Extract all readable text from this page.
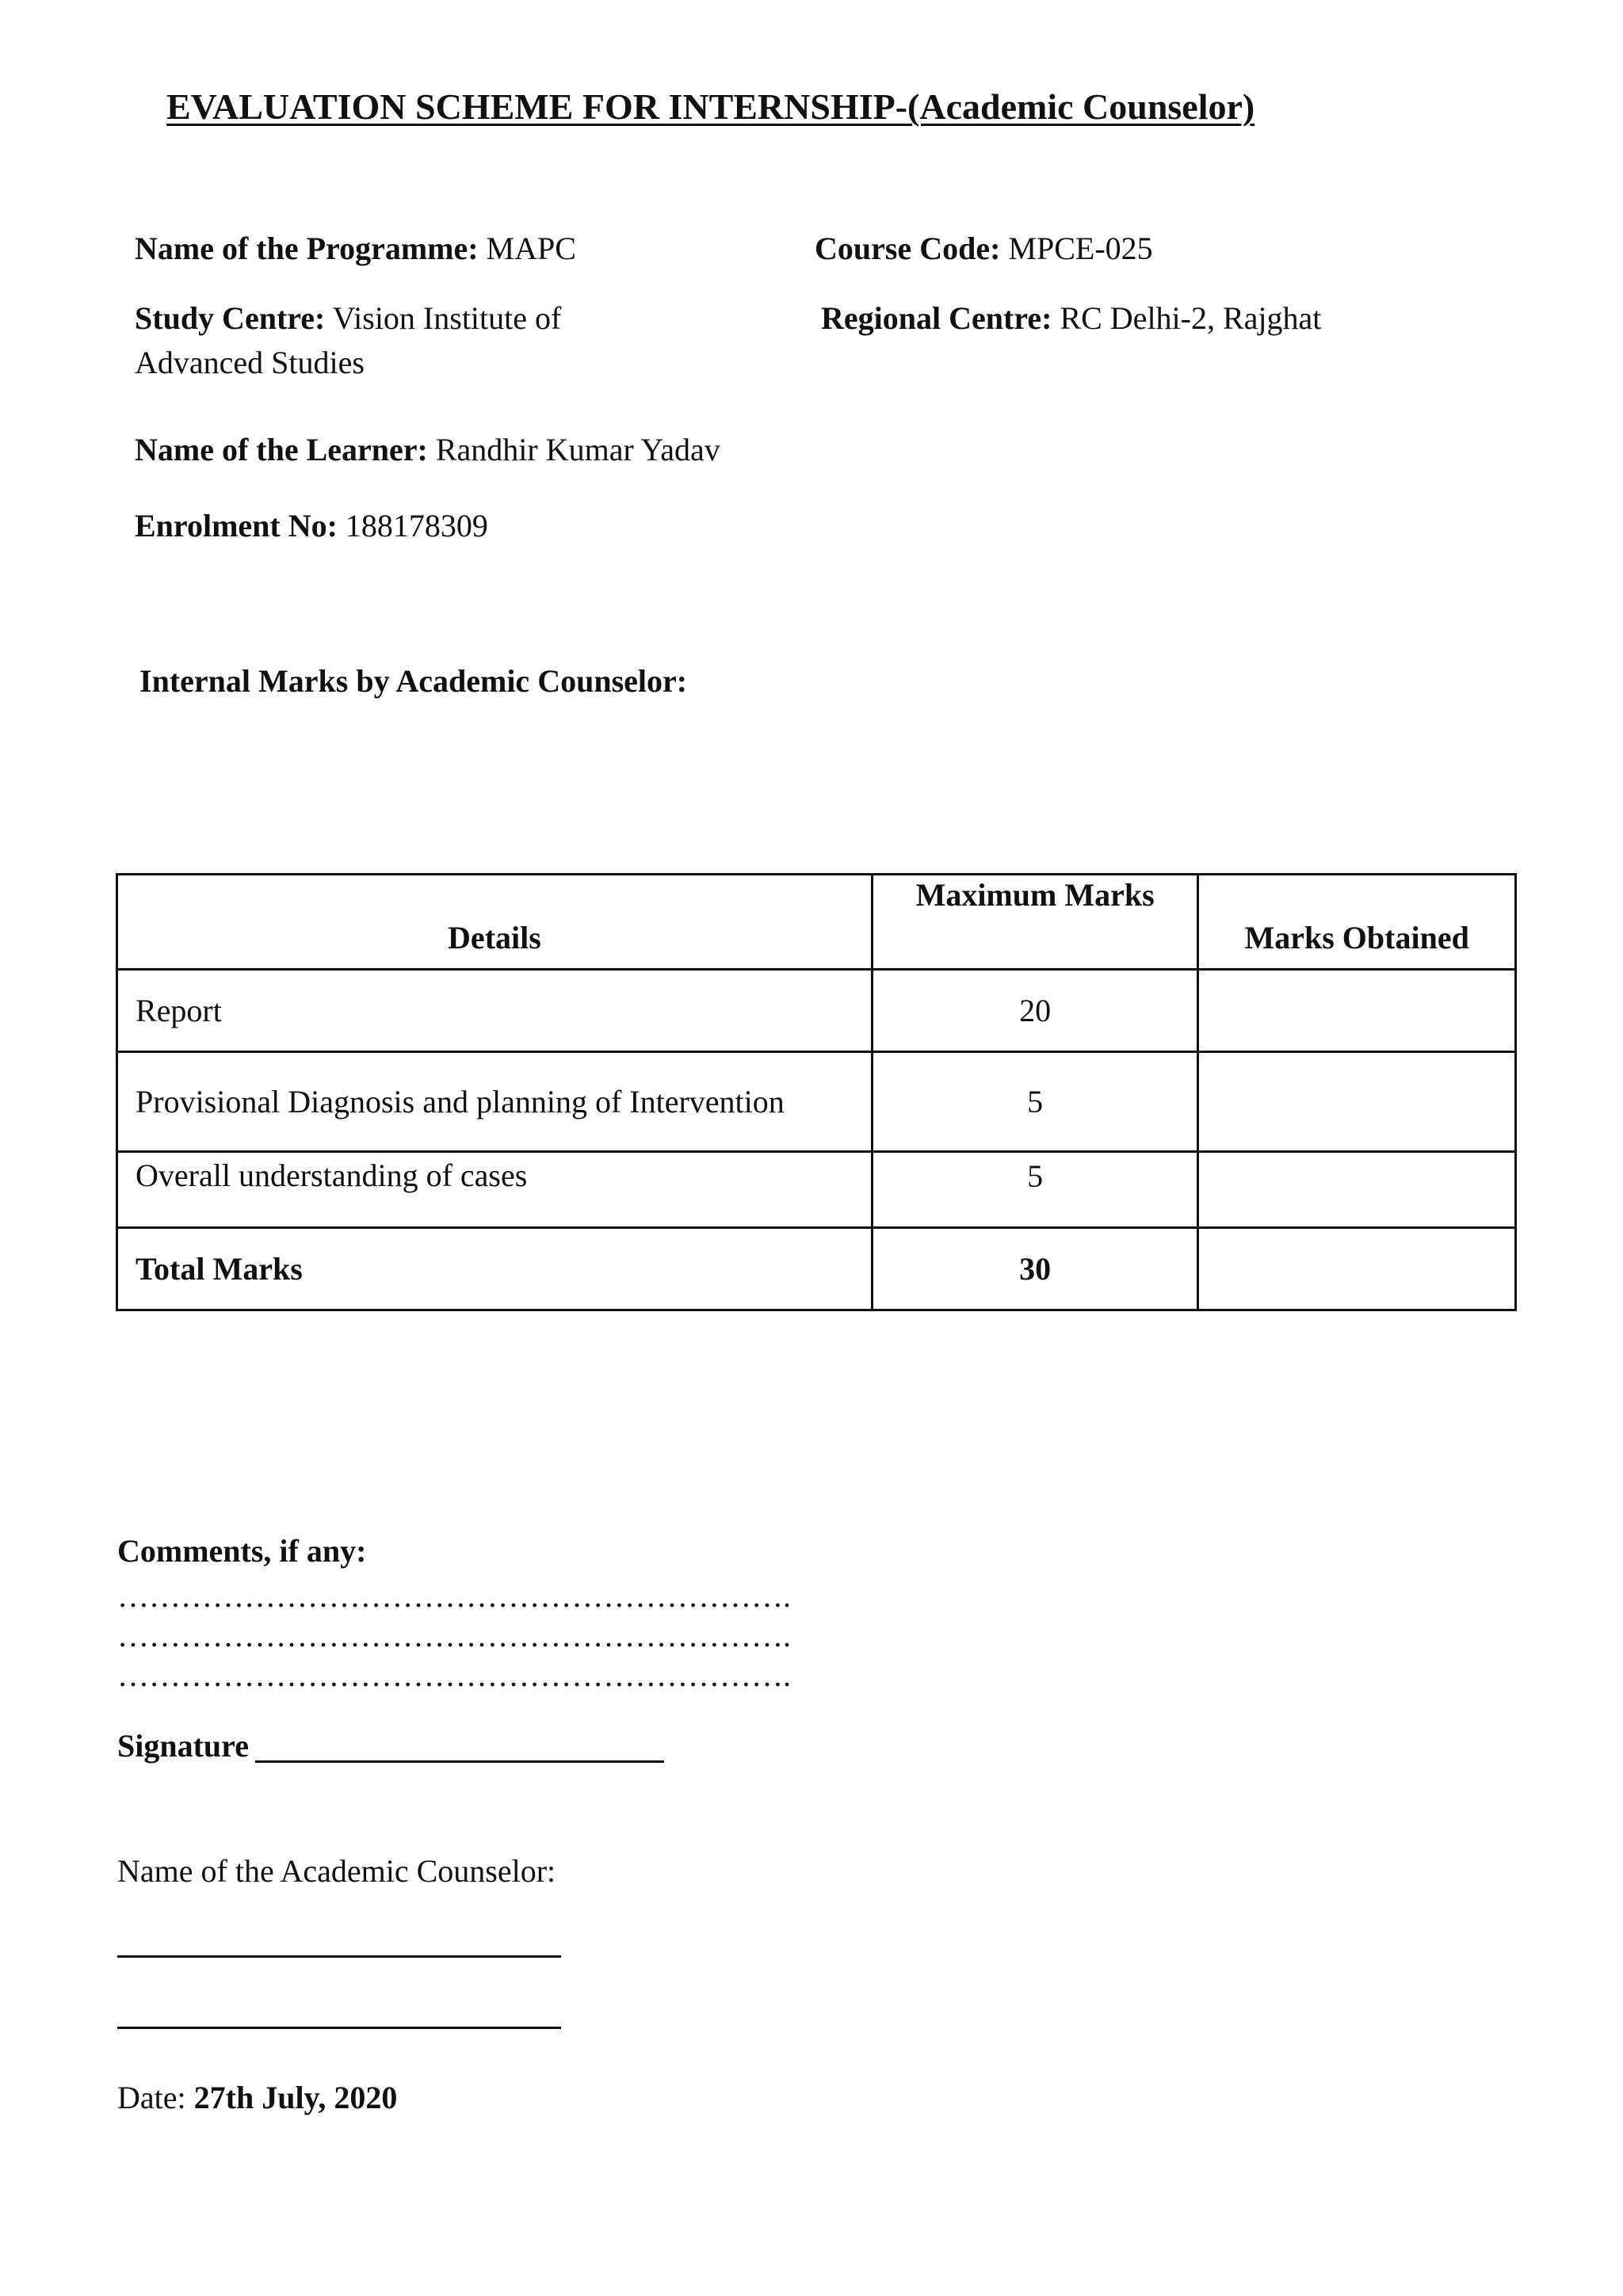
EVALUATION SCHEME FOR INTERNSHIP-(Academic Counselor)
Name of the Programme: MAPC	Course Code: MPCE-025
Study Centre: Vision Institute of Advanced Studies
Regional Centre: RC Delhi-2, Rajghat
Name of the Learner: Randhir Kumar Yadav
Enrolment No: 188178309
Internal Marks by Academic Counselor:
Details	Maximum Marks	Marks Obtained
Report	20	
Provisional Diagnosis and planning of Intervention	5	
Overall understanding of cases	5	
Total Marks	30	
Comments, if any:
……………………………………………………….
……………………………………………………….
……………………………………………………….
Signature
Name of the Academic Counselor:
Date: 27th July, 2020
